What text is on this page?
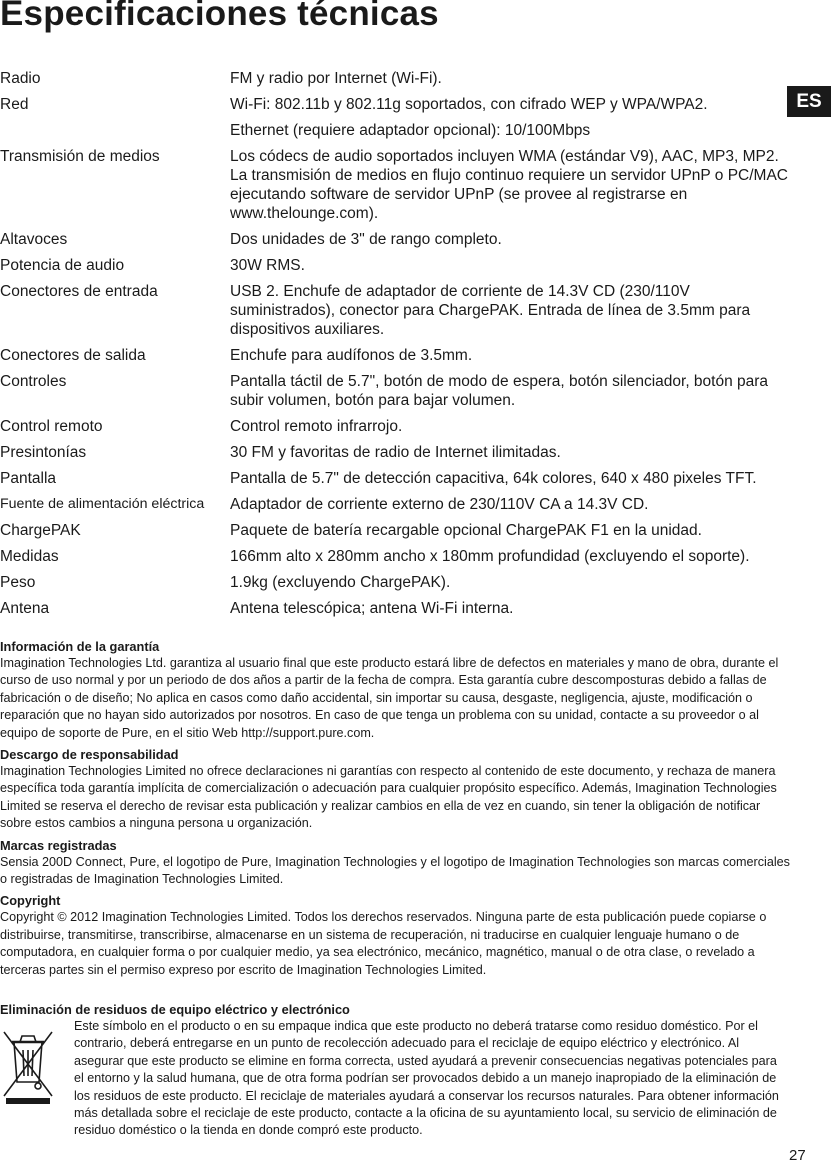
Especificaciones técnicas
ES
Radio	FM y radio por Internet (Wi-Fi).
Red	Wi-Fi: 802.11b y 802.11g soportados, con cifrado WEP y WPA/WPA2.
Ethernet (requiere adaptador opcional): 10/100Mbps
Transmisión de medios	Los códecs de audio soportados incluyen WMA (estándar V9), AAC, MP3, MP2. La transmisión de medios en flujo continuo requiere un servidor UPnP o PC/MAC ejecutando software de servidor UPnP (se provee al registrarse en www.thelounge.com).
Altavoces	Dos unidades de 3" de rango completo.
Potencia de audio	30W RMS.
Conectores de entrada	USB 2. Enchufe de adaptador de corriente de 14.3V CD (230/110V suministrados), conector para ChargePAK. Entrada de línea de 3.5mm para dispositivos auxiliares.
Conectores de salida	Enchufe para audífonos de 3.5mm.
Controles	Pantalla táctil de 5.7", botón de modo de espera, botón silenciador, botón para subir volumen, botón para bajar volumen.
Control remoto	Control remoto infrarrojo.
Presintonías	30 FM y favoritas de radio de Internet ilimitadas.
Pantalla	Pantalla de 5.7" de detección capacitiva, 64k colores, 640 x 480 pixeles TFT.
Fuente de alimentación eléctrica	Adaptador de corriente externo de 230/110V CA a 14.3V CD.
ChargePAK	Paquete de batería recargable opcional ChargePAK F1 en la unidad.
Medidas	166mm alto x 280mm ancho x 180mm profundidad (excluyendo el soporte).
Peso	1.9kg (excluyendo ChargePAK).
Antena	Antena telescópica; antena Wi-Fi interna.
Información de la garantía

Imagination Technologies Ltd. garantiza al usuario final que este producto estará libre de defectos en materiales y mano de obra, durante el curso de uso normal y por un periodo de dos años a partir de la fecha de compra. Esta garantía cubre descomposturas debido a fallas de fabricación o de diseño; No aplica en casos como daño accidental, sin importar su causa, desgaste, negligencia, ajuste, modificación o reparación que no hayan sido autorizados por nosotros. En caso de que tenga un problema con su unidad, contacte a su proveedor o al equipo de soporte de Pure, en el sitio Web http://support.pure.com.

Descargo de responsabilidad

Imagination Technologies Limited no ofrece declaraciones ni garantías con respecto al contenido de este documento, y rechaza de manera específica toda garantía implícita de comercialización o adecuación para cualquier propósito específico. Además, Imagination Technologies Limited se reserva el derecho de revisar esta publicación y realizar cambios en ella de vez en cuando, sin tener la obligación de notificar sobre estos cambios a ninguna persona u organización.

Marcas registradas

Sensia 200D Connect, Pure, el logotipo de Pure, Imagination Technologies y el logotipo de Imagination Technologies son marcas comerciales o registradas de Imagination Technologies Limited.

Copyright

Copyright © 2012 Imagination Technologies Limited. Todos los derechos reservados. Ninguna parte de esta publicación puede copiarse o distribuirse, transmitirse, transcribirse, almacenarse en un sistema de recuperación, ni traducirse en cualquier lenguaje humano o de computadora, en cualquier forma o por cualquier medio, ya sea electrónico, mecánico, magnético, manual o de otra clase, o revelado a terceras partes sin el permiso expreso por escrito de Imagination Technologies Limited.

Eliminación de residuos de equipo eléctrico y electrónico

Este símbolo en el producto o en su empaque indica que este producto no deberá tratarse como residuo doméstico. Por el contrario, deberá entregarse en un punto de recolección adecuado para el reciclaje de equipo eléctrico y electrónico. Al asegurar que este producto se elimine en forma correcta, usted ayudará a prevenir consecuencias negativas potenciales para el entorno y la salud humana, que de otra forma podrían ser provocados debido a un manejo inapropiado de la eliminación de los residuos de este producto. El reciclaje de materiales ayudará a conservar los recursos naturales. Para obtener información más detallada sobre el reciclaje de este producto, contacte a la oficina de su ayuntamiento local, su servicio de eliminación de residuo doméstico o la tienda en donde compró este producto.

27
